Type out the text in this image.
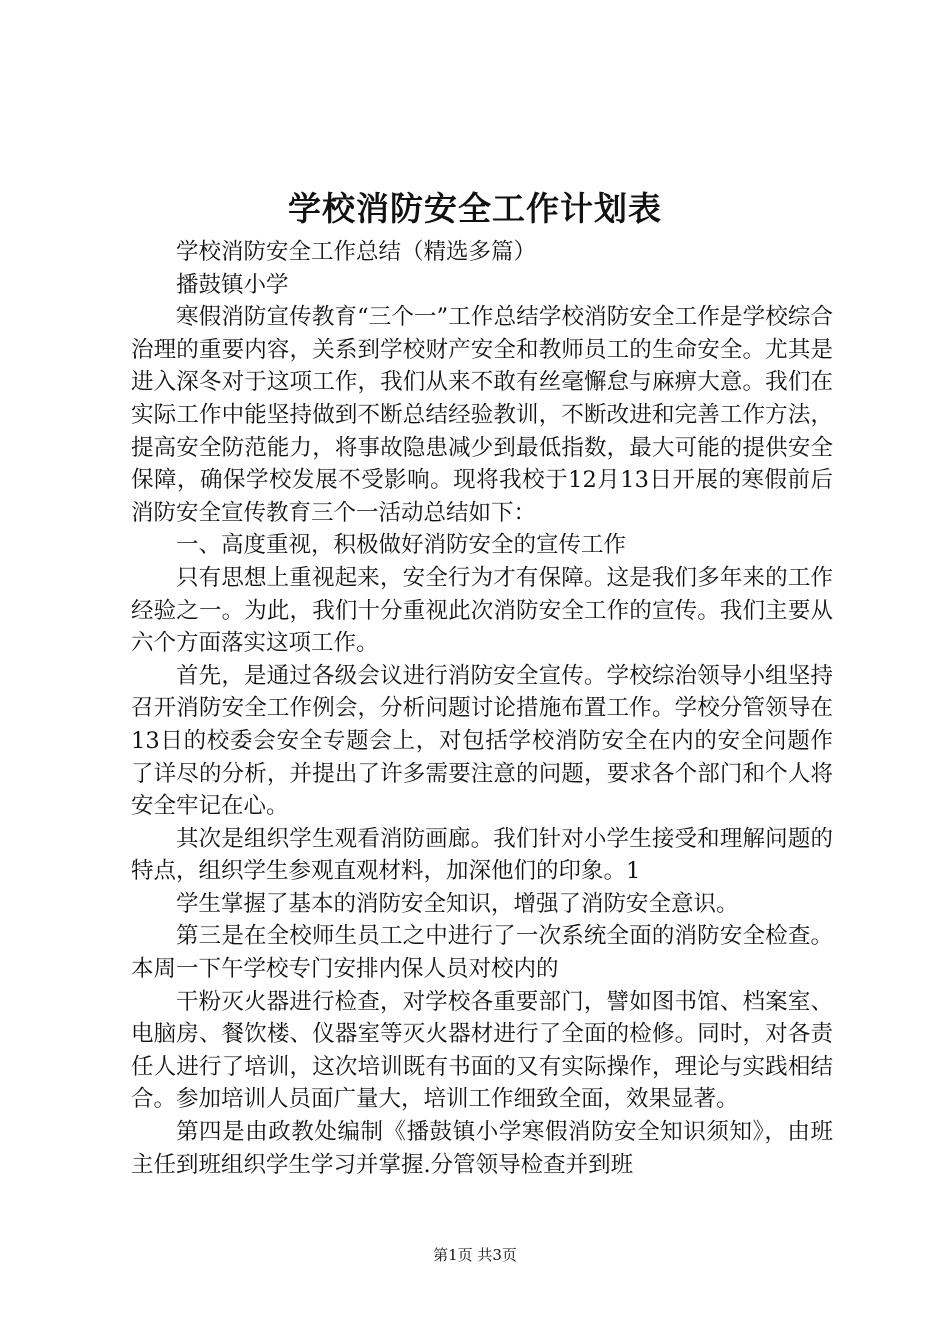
学校消防安全工作计划表

学校消防安全工作总结（精选多篇）

播鼓镇小学

寒假消防宣传教育“三个一”工作总结学校消防安全工作是学校综合治理的重要内容，关系到学校财产安全和教师员工的生命安全。尤其是进入深冬对于这项工作，我们从来不敢有丝毫懈怠与麻痹大意。我们在实际工作中能坚持做到不断总结经验教训，不断改进和完善工作方法，提高安全防范能力，将事故隐患减少到最低指数，最大可能的提供安全保障，确保学校发展不受影响。现将我校于12月13日开展的寒假前后消防安全宣传教育三个一活动总结如下：

一、高度重视，积极做好消防安全的宣传工作

只有思想上重视起来，安全行为才有保障。这是我们多年来的工作经验之一。为此，我们十分重视此次消防安全工作的宣传。我们主要从六个方面落实这项工作。

首先，是通过各级会议进行消防安全宣传。学校综治领导小组坚持召开消防安全工作例会，分析问题讨论措施布置工作。学校分管领导在13日的校委会安全专题会上，对包括学校消防安全在内的安全问题作了详尽的分析，并提出了许多需要注意的问题，要求各个部门和个人将安全牢记在心。

其次是组织学生观看消防画廊。我们针对小学生接受和理解问题的特点，组织学生参观直观材料，加深他们的印象。1

学生掌握了基本的消防安全知识，增强了消防安全意识。

第三是在全校师生员工之中进行了一次系统全面的消防安全检查。本周一下午学校专门安排内保人员对校内的

干粉灭火器进行检查，对学校各重要部门，譬如图书馆、档案室、电脑房、餐饮楼、仪器室等灭火器材进行了全面的检修。同时，对各责任人进行了培训，这次培训既有书面的又有实际操作，理论与实践相结合。参加培训人员面广量大，培训工作细致全面，效果显著。

第四是由政教处编制《播鼓镇小学寒假消防安全知识须知》，由班主任到班组织学生学习并掌握.分管领导检查并到班

第1页 共3页
